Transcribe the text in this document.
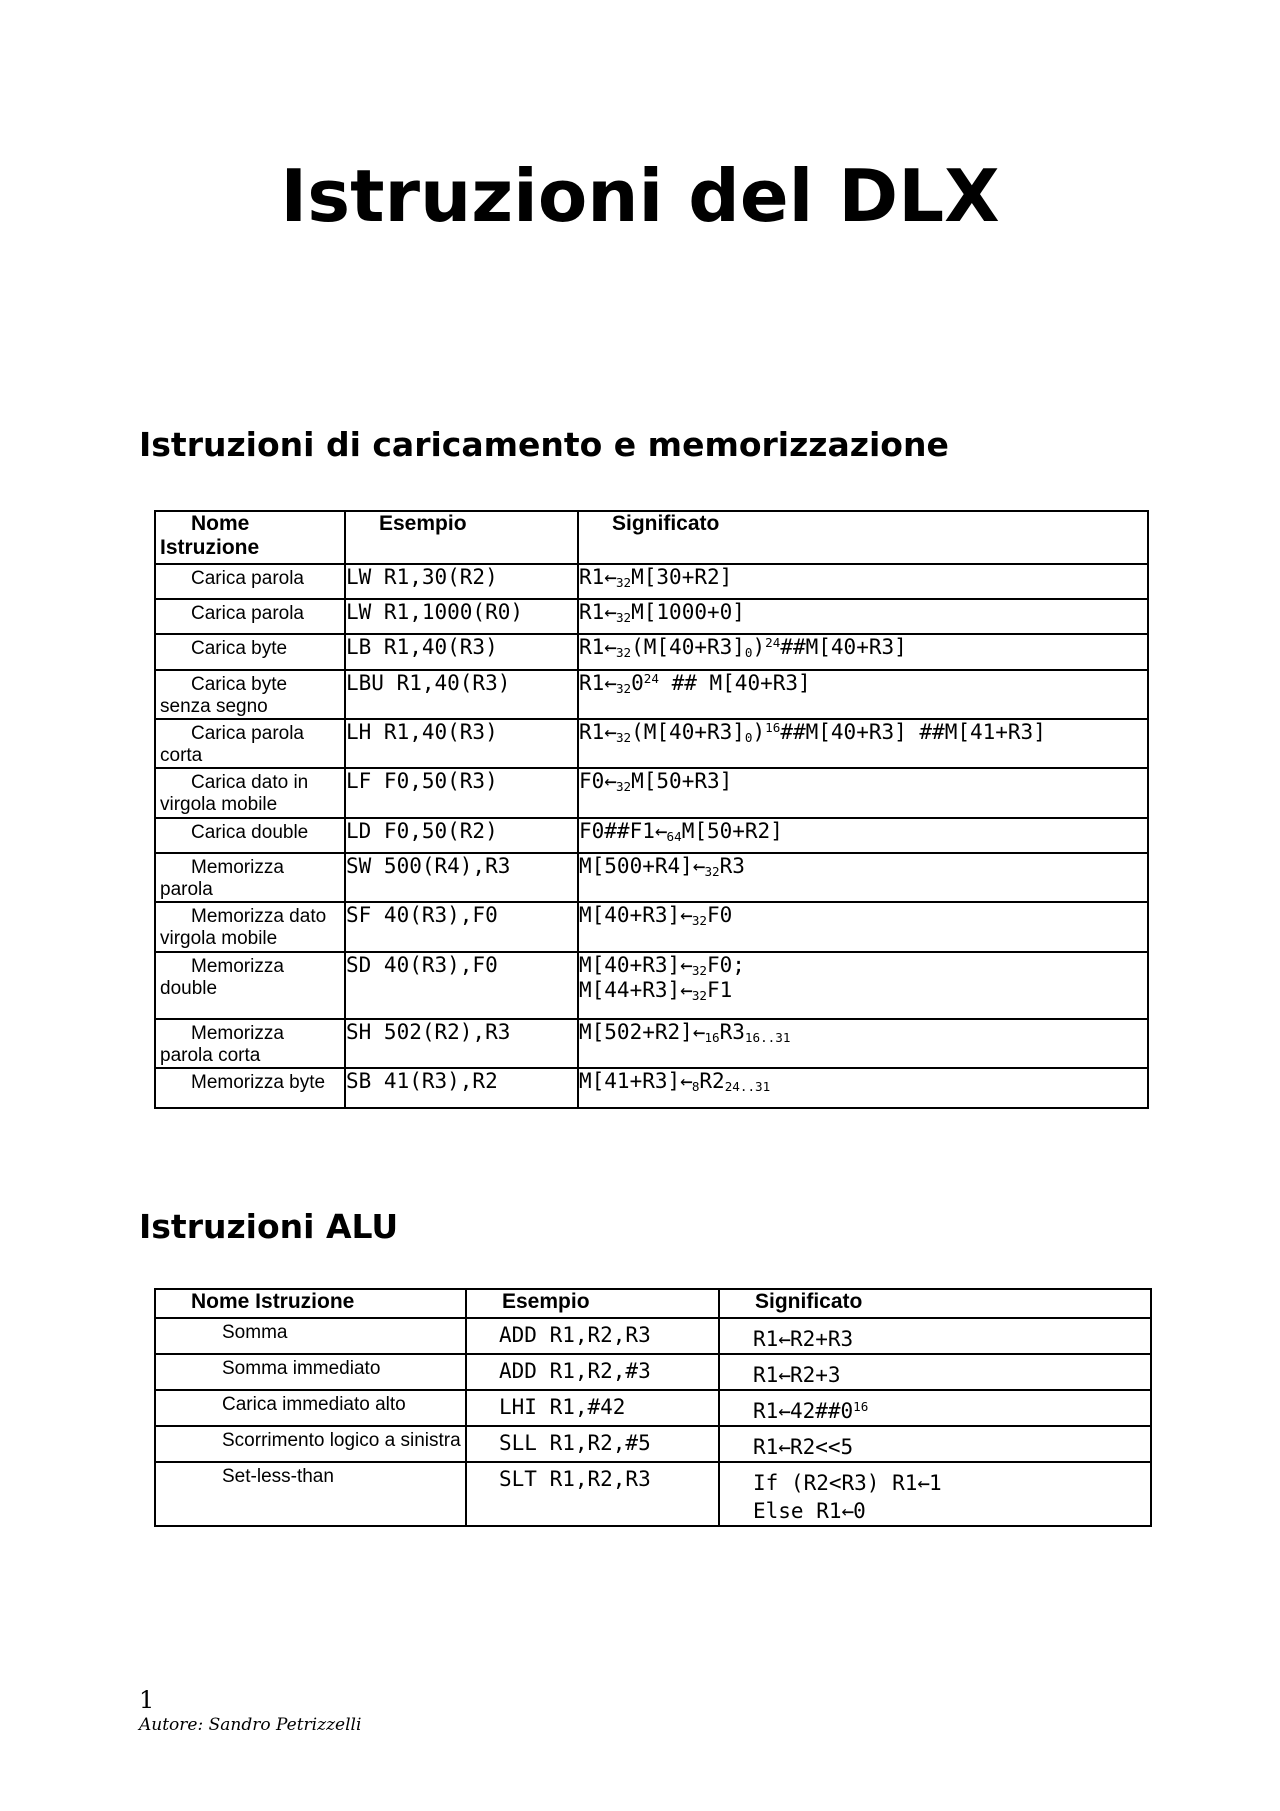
Istruzioni del DLX
Istruzioni di caricamento e memorizzazione
Nome Istruzione	Esempio	Significato

Carica parola	LW R1,30(R2)	$R1\leftarrow_{32}M[30+R2]$

Carica parola	LW R1,1000(R0)	$R1\leftarrow_{32}M[1000+0]$

Carica byte	LB R1,40(R3)	$R1\leftarrow_{32}(M[40+R3]_0)^{24}\#\#M[40+R3]$

Carica byte senza segno	LBU R1,40(R3)	$R1\leftarrow_{32}0^{24}$ ## M[40+R3]

Carica parola corta	LH R1,40(R3)	$R1\leftarrow_{32}(M[40+R3]_0)^{16}\#\#M[40+R3]$ ##M[41+R3]

Carica dato in virgola mobile	LF F0,50(R3)	$F0\leftarrow_{32}M[50+R3]$

Carica double	LD F0,50(R2)	$F0\#\#F1\leftarrow_{64}M[50+R2]$

Memorizza parola	SW 500(R4),R3	$M[500+R4]\leftarrow_{32}R3$

Memorizza dato virgola mobile	SF 40(R3),F0	$M[40+R3]\leftarrow_{32}F0$

Memorizza double	SD 40(R3),F0	$M[40+R3]\leftarrow_{32}F0$;
$M[44+R3]\leftarrow_{32}F1$

Memorizza parola corta	SH 502(R2),R3	$M[502+R2]\leftarrow_{16}R3_{16..31}$

Memorizza byte	SB 41(R3),R2	$M[41+R3]\leftarrow_8R2_{24..31}$
Istruzioni ALU
Nome Istruzione	Esempio	Significato

Somma	ADD R1,R2,R3	R1←R2+R3

Somma immediato	ADD R1,R2,#3	R1←R2+3

Carica immediato alto	LHI R1,#42	$R1\leftarrow 42\#\#0^{16}$

Scorrimento logico a sinistra	SLL R1,R2,#5	R1←R2<<5

Set-less-than	SLT R1,R2,R3	If (R2<R3) R1←1
Else R1←0
1
Autore: Sandro Petrizzelli
